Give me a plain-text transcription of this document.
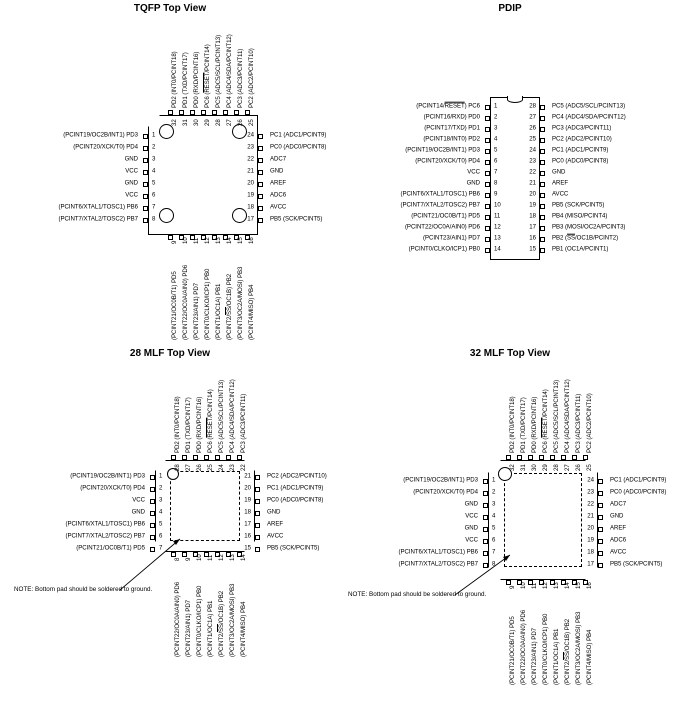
TQFP Top View
1
(PCINT19/OC2B/INT1) PD3
2
(PCINT20/XCK/T0) PD4
3
GND
4
VCC
5
GND
6
VCC
7
(PCINT6/XTAL1/TOSC1) PB6
8
(PCINT7/XTAL2/TOSC2) PB7
24	PC1 (ADC1/PCINT9)
23	PC0 (ADC0/PCINT8)
22	ADC7
21	GND
20	AREF
19	ADC6
18	AVCC
17	PB5 (SCK/PCINT5)
32
PD2 (INT0/PCINT18)
31
PD1 (TXD/PCINT17)
30
PD0 (RXD/PCINT16)
29
PC6 (RESET/PCINT14)
28
PC5 (ADC5/SCL/PCINT13)
27
PC4 (ADC4/SDA/PCINT12)
26
PC3 (ADC3/PCINT11)
25
PC2 (ADC2/PCINT10)
9
(PCINT21/OC0B/T1) PD5
10
(PCINT22/OC0A/AIN0) PD6
11
(PCINT23/AIN1) PD7
12
(PCINT0/CLKO/ICP1) PB0
13
(PCINT1/OC1A) PB1
14
$(PCINT2/\overline{SS}/OC1B)$ PB2
15
(PCINT3/OC2A/MOSI) PB3
16
(PCINT4/MISO) PB4
PDIP
1
(PCINT14/RESET) PC6
2
(PCINT16/RXD) PD0
3
(PCINT17/TXD) PD1
4
(PCINT18/INT0) PD2
5
(PCINT19/OC2B/INT1) PD3
6
(PCINT20/XCK/T0) PD4
7
VCC
8
GND
9
(PCINT6/XTAL1/TOSC1) PB6
10
(PCINT7/XTAL2/TOSC2) PB7
11
(PCINT21/OC0B/T1) PD5
12
(PCINT22/OC0A/AIN0) PD6
13
(PCINT23/AIN1) PD7
14
(PCINT0/CLKO/ICP1) PB0
28	PC5 (ADC5/SCL/PCINT13)
27	PC4 (ADC4/SDA/PCINT12)
26	PC3 (ADC3/PCINT11)
25	PC2 (ADC2/PCINT10)
24	PC1 (ADC1/PCINT9)
23	PC0 (ADC0/PCINT8)
22	GND
21	AREF
20	AVCC
19	PB5 (SCK/PCINT5)
18	PB4 (MISO/PCINT4)
17	PB3 (MOSI/OC2A/PCINT3)
16	PB2 $(\overline{SS}/OC1B/PCINT2)$
15	PB1 (OC1A/PCINT1)
28 MLF Top View
NOTE: Bottom pad should be soldered to ground.
1
(PCINT19/OC2B/INT1) PD3
2
(PCINT20/XCK/T0) PD4
3
VCC
4
GND
5
(PCINT6/XTAL1/TOSC1) PB6
6
(PCINT7/XTAL2/TOSC2) PB7
7
(PCINT21/OC0B/T1) PD5
21	PC2 (ADC2/PCINT10)
20	PC1 (ADC1/PCINT9)
19	PC0 (ADC0/PCINT8)
18	GND
17	AREF
16	AVCC
15	PB5 (SCK/PCINT5)
28
PD2 (INT0/PCINT18)
27
PD1 (TXD/PCINT17)
26
PD0 (RXD/PCINT16)
25
PC6 (RESET/PCINT14)
24
PC5 (ADC5/SCL/PCINT13)
23
PC4 (ADC4/SDA/PCINT12)
22
PC3 (ADC3/PCINT11)
8
(PCINT22/OC0A/AIN0) PD6
9
(PCINT23/AIN1) PD7
10
(PCINT0/CLKO/ICP1) PB0
11
(PCINT1/OC1A) PB1
12
$(PCINT2/\overline{SS}/OC1B)$ PB2
13
(PCINT3/OC2A/MOSI) PB3
14
(PCINT4/MISO) PB4
32 MLF Top View
NOTE: Bottom pad should be soldered to ground.
1
(PCINT19/OC2B/INT1) PD3
2
(PCINT20/XCK/T0) PD4
3
GND
4
VCC
5
GND
6
VCC
7
(PCINT6/XTAL1/TOSC1) PB6
8
(PCINT7/XTAL2/TOSC2) PB7
24	PC1 (ADC1/PCINT9)
23	PC0 (ADC0/PCINT8)
22	ADC7
21	GND
20	AREF
19	ADC6
18	AVCC
17	PB5 (SCK/PCINT5)
32
PD2 (INT0/PCINT18)
31
PD1 (TXD/PCINT17)
30
PD0 (RXD/PCINT16)
29
PC6 (RESET/PCINT14)
28
PC5 (ADC5/SCL/PCINT13)
27
PC4 (ADC4/SDA/PCINT12)
26
PC3 (ADC3/PCINT11)
25
PC2 (ADC2/PCINT10)
9
(PCINT21/OC0B/T1) PD5
10
(PCINT22/OC0A/AIN0) PD6
11
(PCINT23/AIN1) PD7
12
(PCINT0/CLKO/ICP1) PB0
13
(PCINT1/OC1A) PB1
14
$(PCINT2/\overline{SS}/OC1B)$ PB2
15
(PCINT3/OC2A/MOSI) PB3
16
(PCINT4/MISO) PB4
